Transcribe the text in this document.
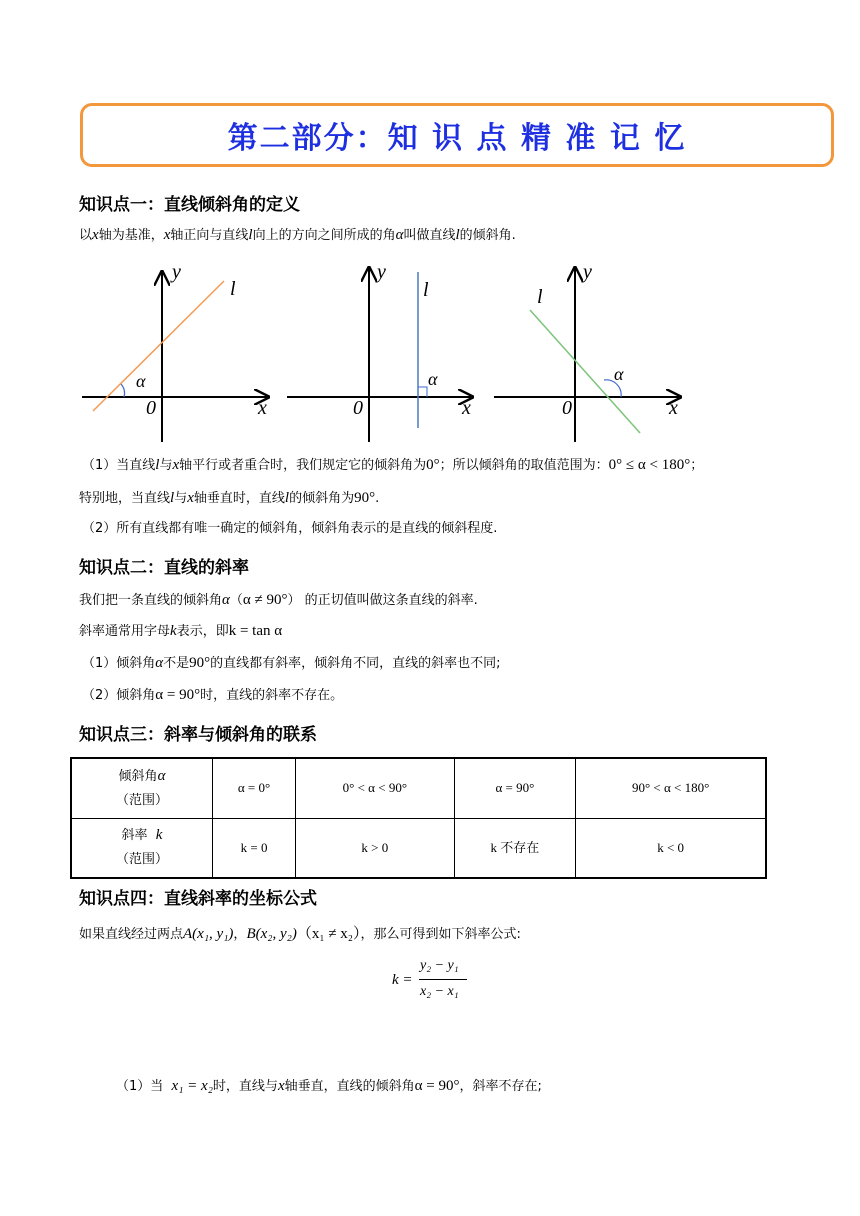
第二部分：知 识 点 精 准 记 忆
知识点一：直线倾斜角的定义
以x轴为基准，x轴正向与直线l向上的方向之间所成的角α叫做直线l的倾斜角.
y
l
α
0	x
y
l
α
0	x
y
l
α
0	x
（1）当直线l与x轴平行或者重合时，我们规定它的倾斜角为0°；所以倾斜角的取值范围为：0° ≤ α < 180°；
特别地，当直线l与x轴垂直时，直线l的倾斜角为90°.
（2）所有直线都有唯一确定的倾斜角，倾斜角表示的是直线的倾斜程度.
知识点二：直线的斜率
我们把一条直线的倾斜角α（α ≠ 90°） 的正切值叫做这条直线的斜率.
斜率通常用字母k表示，即k = tan α
（1）倾斜角α不是90°的直线都有斜率，倾斜角不同，直线的斜率也不同;
（2）倾斜角α = 90°时，直线的斜率不存在。
知识点三：斜率与倾斜角的联系
倾斜角α
（范围）	α = 0°	0° < α < 90°	α = 90°	90° < α < 180°

斜率 k
（范围）	k = 0	k > 0	k 不存在	k < 0
知识点四：直线斜率的坐标公式
如果直线经过两点A(x₁, y₁)，B(x₂, y₂)（x₁ ≠ x₂），那么可得到如下斜率公式:
k =
y₂ − y₁
x₂ − x₁
（1）当 x₁ = x₂时，直线与x轴垂直，直线的倾斜角α = 90°，斜率不存在;
